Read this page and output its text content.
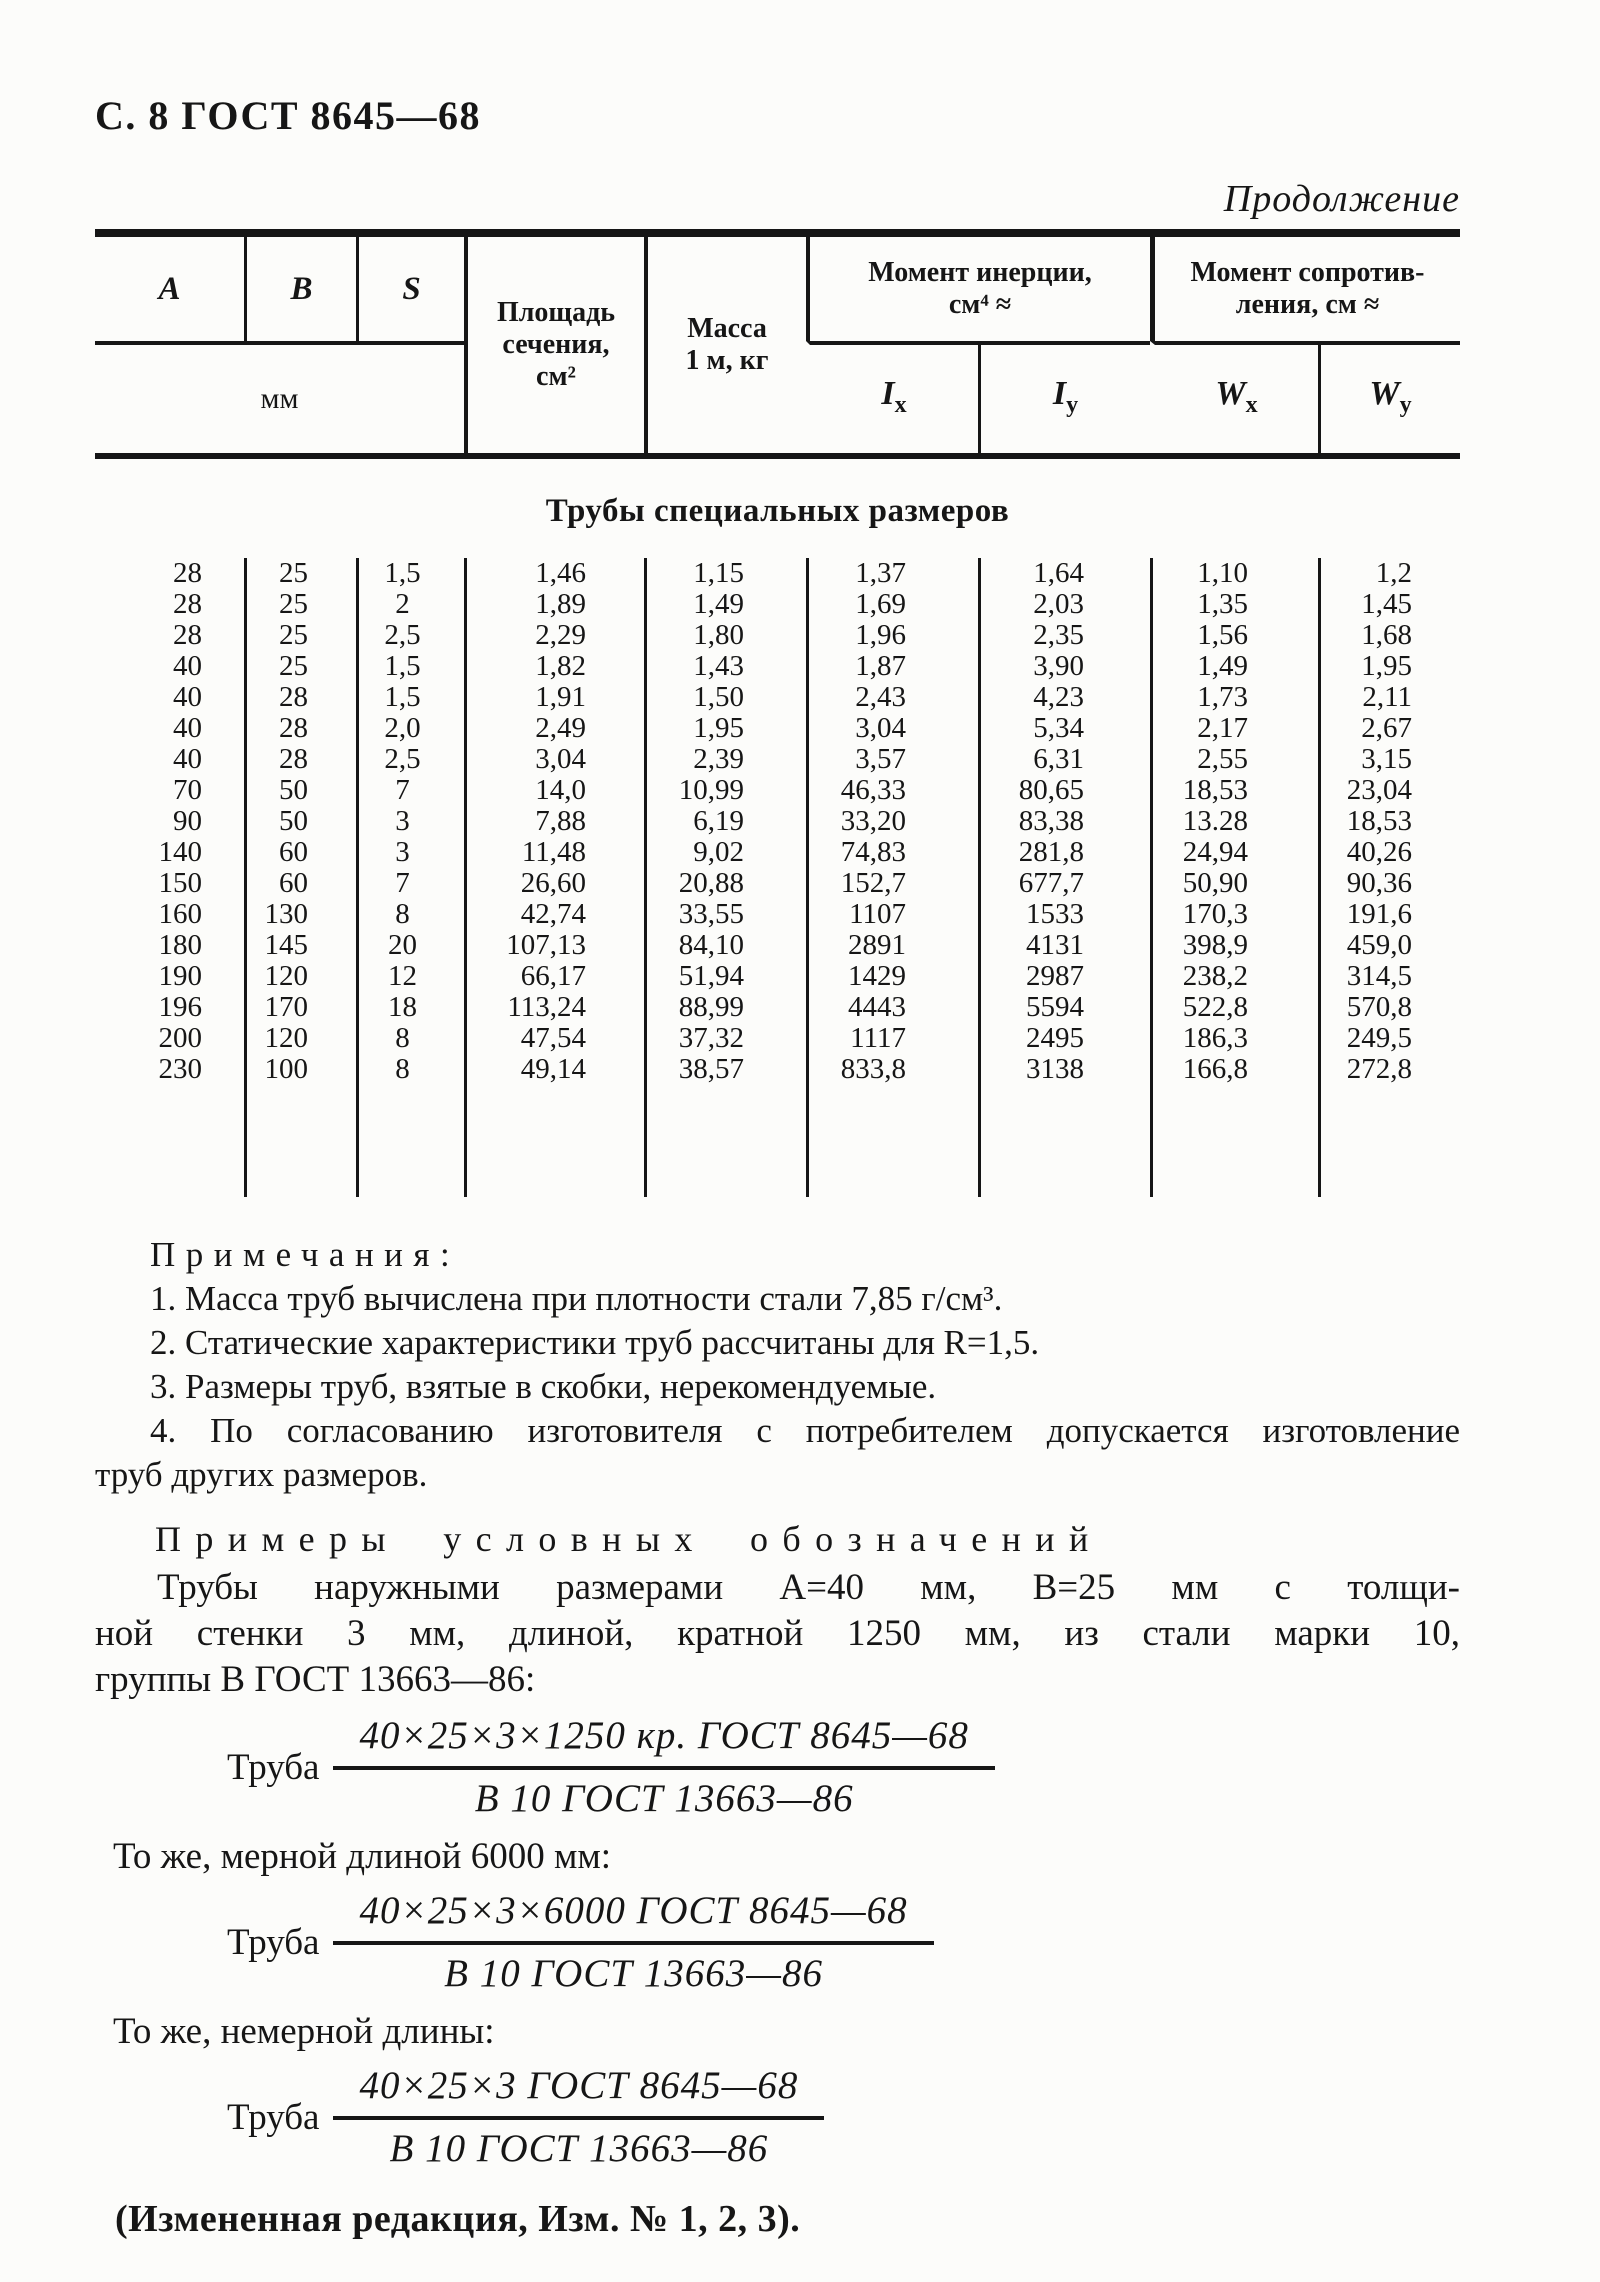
С. 8 ГОСТ 8645—68
Продолжение
А	В	S
мм
Площадь
сечения,
см²
Масса
1 м, кг
Момент инерции,
см⁴ ≈
$I_x$	$I_y$
Момент сопротив-
ления, см ≈
$W_x$	$W_y$
Трубы специальных размеров
28	25	1,5	1,46	1,15	1,37	1,64	1,10	1,2
28	25	2	1,89	1,49	1,69	2,03	1,35	1,45
28	25	2,5	2,29	1,80	1,96	2,35	1,56	1,68
40	25	1,5	1,82	1,43	1,87	3,90	1,49	1,95
40	28	1,5	1,91	1,50	2,43	4,23	1,73	2,11
40	28	2,0	2,49	1,95	3,04	5,34	2,17	2,67
40	28	2,5	3,04	2,39	3,57	6,31	2,55	3,15
70	50	7	14,0	10,99	46,33	80,65	18,53	23,04
90	50	3	7,88	6,19	33,20	83,38	13.28	18,53
140	60	3	11,48	9,02	74,83	281,8	24,94	40,26
150	60	7	26,60	20,88	152,7	677,7	50,90	90,36
160	130	8	42,74	33,55	1107	1533	170,3	191,6
180	145	20	107,13	84,10	2891	4131	398,9	459,0
190	120	12	66,17	51,94	1429	2987	238,2	314,5
196	170	18	113,24	88,99	4443	5594	522,8	570,8
200	120	8	47,54	37,32	1117	2495	186,3	249,5
230	100	8	49,14	38,57	833,8	3138	166,8	272,8
Примечания:
1. Масса труб вычислена при плотности стали 7,85 г/см³.
2. Статические характеристики труб рассчитаны для R=1,5.
3. Размеры труб, взятые в скобки, нерекомендуемые.
4. По согласованию изготовителя с потребителем допускается изготовление
труб других размеров.
Примеры условных обозначений
Трубы наружными размерами А=40 мм, В=25 мм с толщи-
ной стенки 3 мм, длиной, кратной 1250 мм, из стали марки 10,
группы В ГОСТ 13663—86:
Труба $\frac{\text{40×25×3×1250 кр. ГОСТ 8645—68}}{\text{В 10 ГОСТ 13663—86}}$
То же, мерной длиной 6000 мм:
Труба $\frac{\text{40×25×3×6000 ГОСТ 8645—68}}{\text{В 10 ГОСТ 13663—86}}$
То же, немерной длины:
Труба $\frac{\text{40×25×3 ГОСТ 8645—68}}{\text{В 10 ГОСТ 13663—86}}$
(Измененная редакция, Изм. № 1, 2, 3).
